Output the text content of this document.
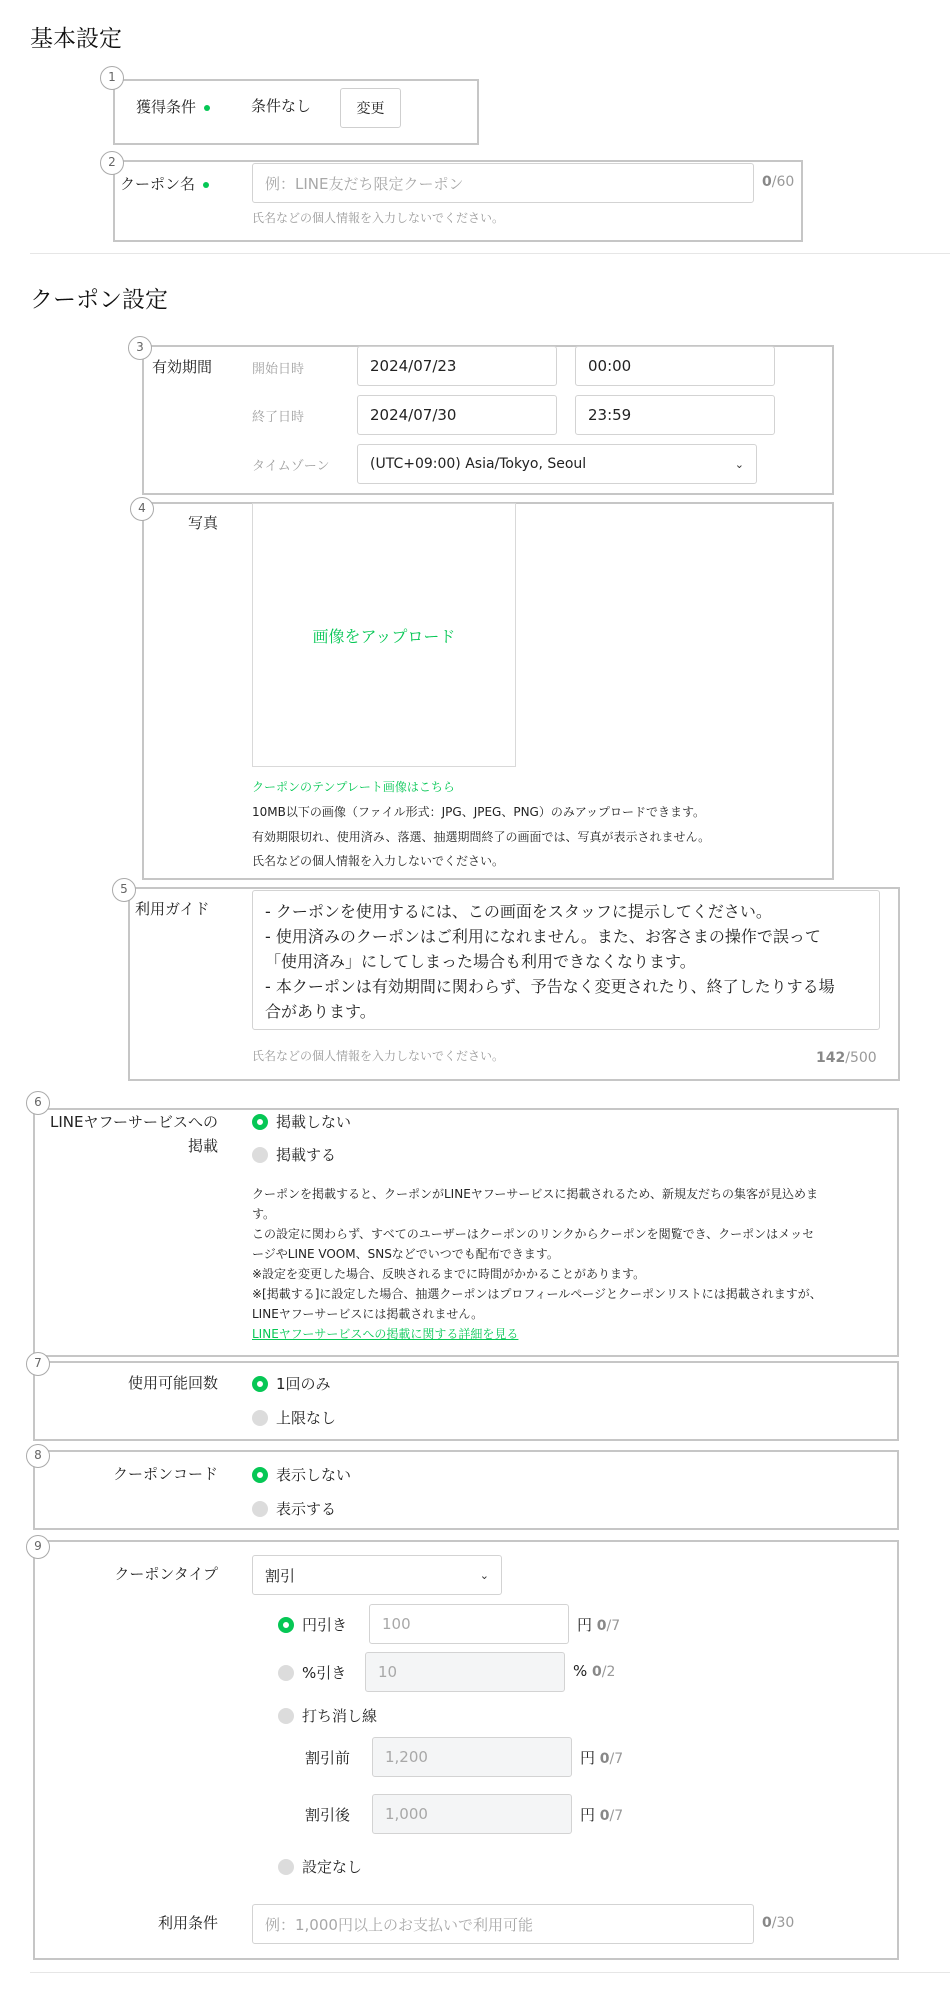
基本設定
1
獲得条件	条件なし	変更
2
クーポン名	例：LINE友だち限定クーポン	0/60
氏名などの個人情報を入力しないでください。
クーポン設定
3
有効期間	開始日時	2024/07/23	00:00
終了日時	2024/07/30	23:59
タイムゾーン	(UTC+09:00) Asia/Tokyo, Seoul	⌄
4
写真
画像をアップロード
クーポンのテンプレート画像はこちら
10MB以下の画像（ファイル形式：JPG、JPEG、PNG）のみアップロードできます。
有効期限切れ、使用済み、落選、抽選期間終了の画面では、写真が表示されません。
氏名などの個人情報を入力しないでください。
5
利用ガイド	- クーポンを使用するには、この画面をスタッフに提示してください。
- 使用済みのクーポンはご利用になれません。また、お客さまの操作で誤って
「使用済み」にしてしまった場合も利用できなくなります。
- 本クーポンは有効期間に関わらず、予告なく変更されたり、終了したりする場
合があります。
氏名などの個人情報を入力しないでください。	142/500
6
LINEヤフーサービスへの
掲載
掲載しない
掲載する
クーポンを掲載すると、クーポンがLINEヤフーサービスに掲載されるため、新規友だちの集客が見込めま
す。
この設定に関わらず、すべてのユーザーはクーポンのリンクからクーポンを閲覧でき、クーポンはメッセ
ージやLINE VOOM、SNSなどでいつでも配布できます。
※設定を変更した場合、反映されるまでに時間がかかることがあります。
※[掲載する]に設定した場合、抽選クーポンはプロフィールページとクーポンリストには掲載されますが、
LINEヤフーサービスには掲載されません。
LINEヤフーサービスへの掲載に関する詳細を見る
7
使用可能回数	1回のみ
上限なし
8
クーポンコード	表示しない
表示する
9
クーポンタイプ	割引	⌄
円引き	100	円 0/7
%引き	10	% 0/2
打ち消し線
割引前	1,200	円 0/7
割引後	1,000	円 0/7
設定なし
利用条件	例：1,000円以上のお支払いで利用可能	0/30
